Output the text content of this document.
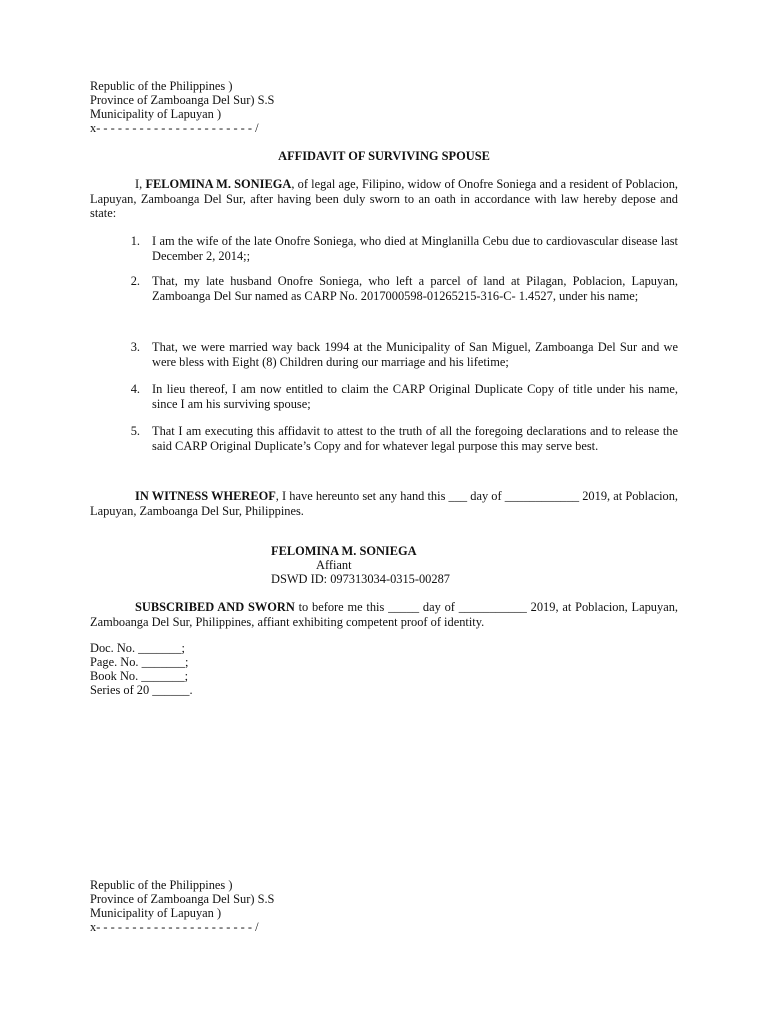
Republic of the Philippines )
Province of Zamboanga Del Sur) S.S
Municipality of Lapuyan )
x- - - - - - - - - - - - - - - - - - - - - - /
AFFIDAVIT OF SURVIVING SPOUSE
I, FELOMINA M. SONIEGA, of legal age, Filipino, widow of Onofre Soniega and a resident of Poblacion, Lapuyan, Zamboanga Del Sur, after having been duly sworn to an oath in accordance with law hereby depose and state:
1. I am the wife of the late Onofre Soniega, who died at Minglanilla Cebu due to cardiovascular disease last December 2, 2014;;
2. That, my late husband Onofre Soniega, who left a parcel of land at Pilagan, Poblacion, Lapuyan, Zamboanga Del Sur named as CARP No. 2017000598-01265215-316-C- 1.4527, under his name;
3. That, we were married way back 1994 at the Municipality of San Miguel, Zamboanga Del Sur and we were bless with Eight (8) Children during our marriage and his lifetime;
4. In lieu thereof, I am now entitled to claim the CARP Original Duplicate Copy of title under his name, since I am his surviving spouse;
5. That I am executing this affidavit to attest to the truth of all the foregoing declarations and to release the said CARP Original Duplicate’s Copy and for whatever legal purpose this may serve best.
IN WITNESS WHEREOF, I have hereunto set any hand this ___ day of ____________ 2019, at Poblacion, Lapuyan, Zamboanga Del Sur, Philippines.
FELOMINA M. SONIEGA
Affiant
DSWD ID: 097313034-0315-00287
SUBSCRIBED AND SWORN to before me this _____ day of ___________ 2019, at Poblacion, Lapuyan, Zamboanga Del Sur, Philippines, affiant exhibiting competent proof of identity.
Doc. No. _______;
Page. No. _______;
Book No. _______;
Series of 20 ______.
Republic of the Philippines )
Province of Zamboanga Del Sur) S.S
Municipality of Lapuyan )
x- - - - - - - - - - - - - - - - - - - - - - /
